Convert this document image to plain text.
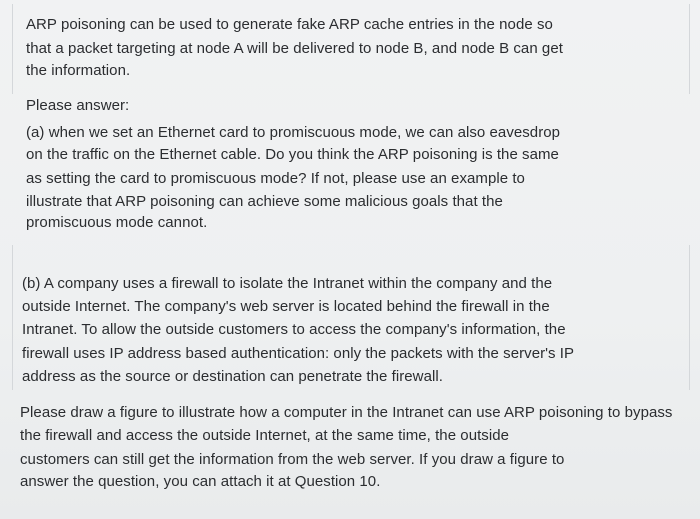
ARP poisoning can be used to generate fake ARP cache entries in the node so
that a packet targeting at node A will be delivered to node B, and node B can get
the information.
Please answer:
(a) when we set an Ethernet card to promiscuous mode, we can also eavesdrop
on the traffic on the Ethernet cable. Do you think the ARP poisoning is the same
as setting the card to promiscuous mode? If not, please use an example to
illustrate that ARP poisoning can achieve some malicious goals that the
promiscuous mode cannot.
(b) A company uses a firewall to isolate the Intranet within the company and the
outside Internet. The company's web server is located behind the firewall in the
Intranet. To allow the outside customers to access the company's information, the
firewall uses IP address based authentication: only the packets with the server's IP
address as the source or destination can penetrate the firewall.
Please draw a figure to illustrate how a computer in the Intranet can use ARP poisoning to bypass
the firewall and access the outside Internet, at the same time, the outside
customers can still get the information from the web server. If you draw a figure to
answer the question, you can attach it at Question 10.
